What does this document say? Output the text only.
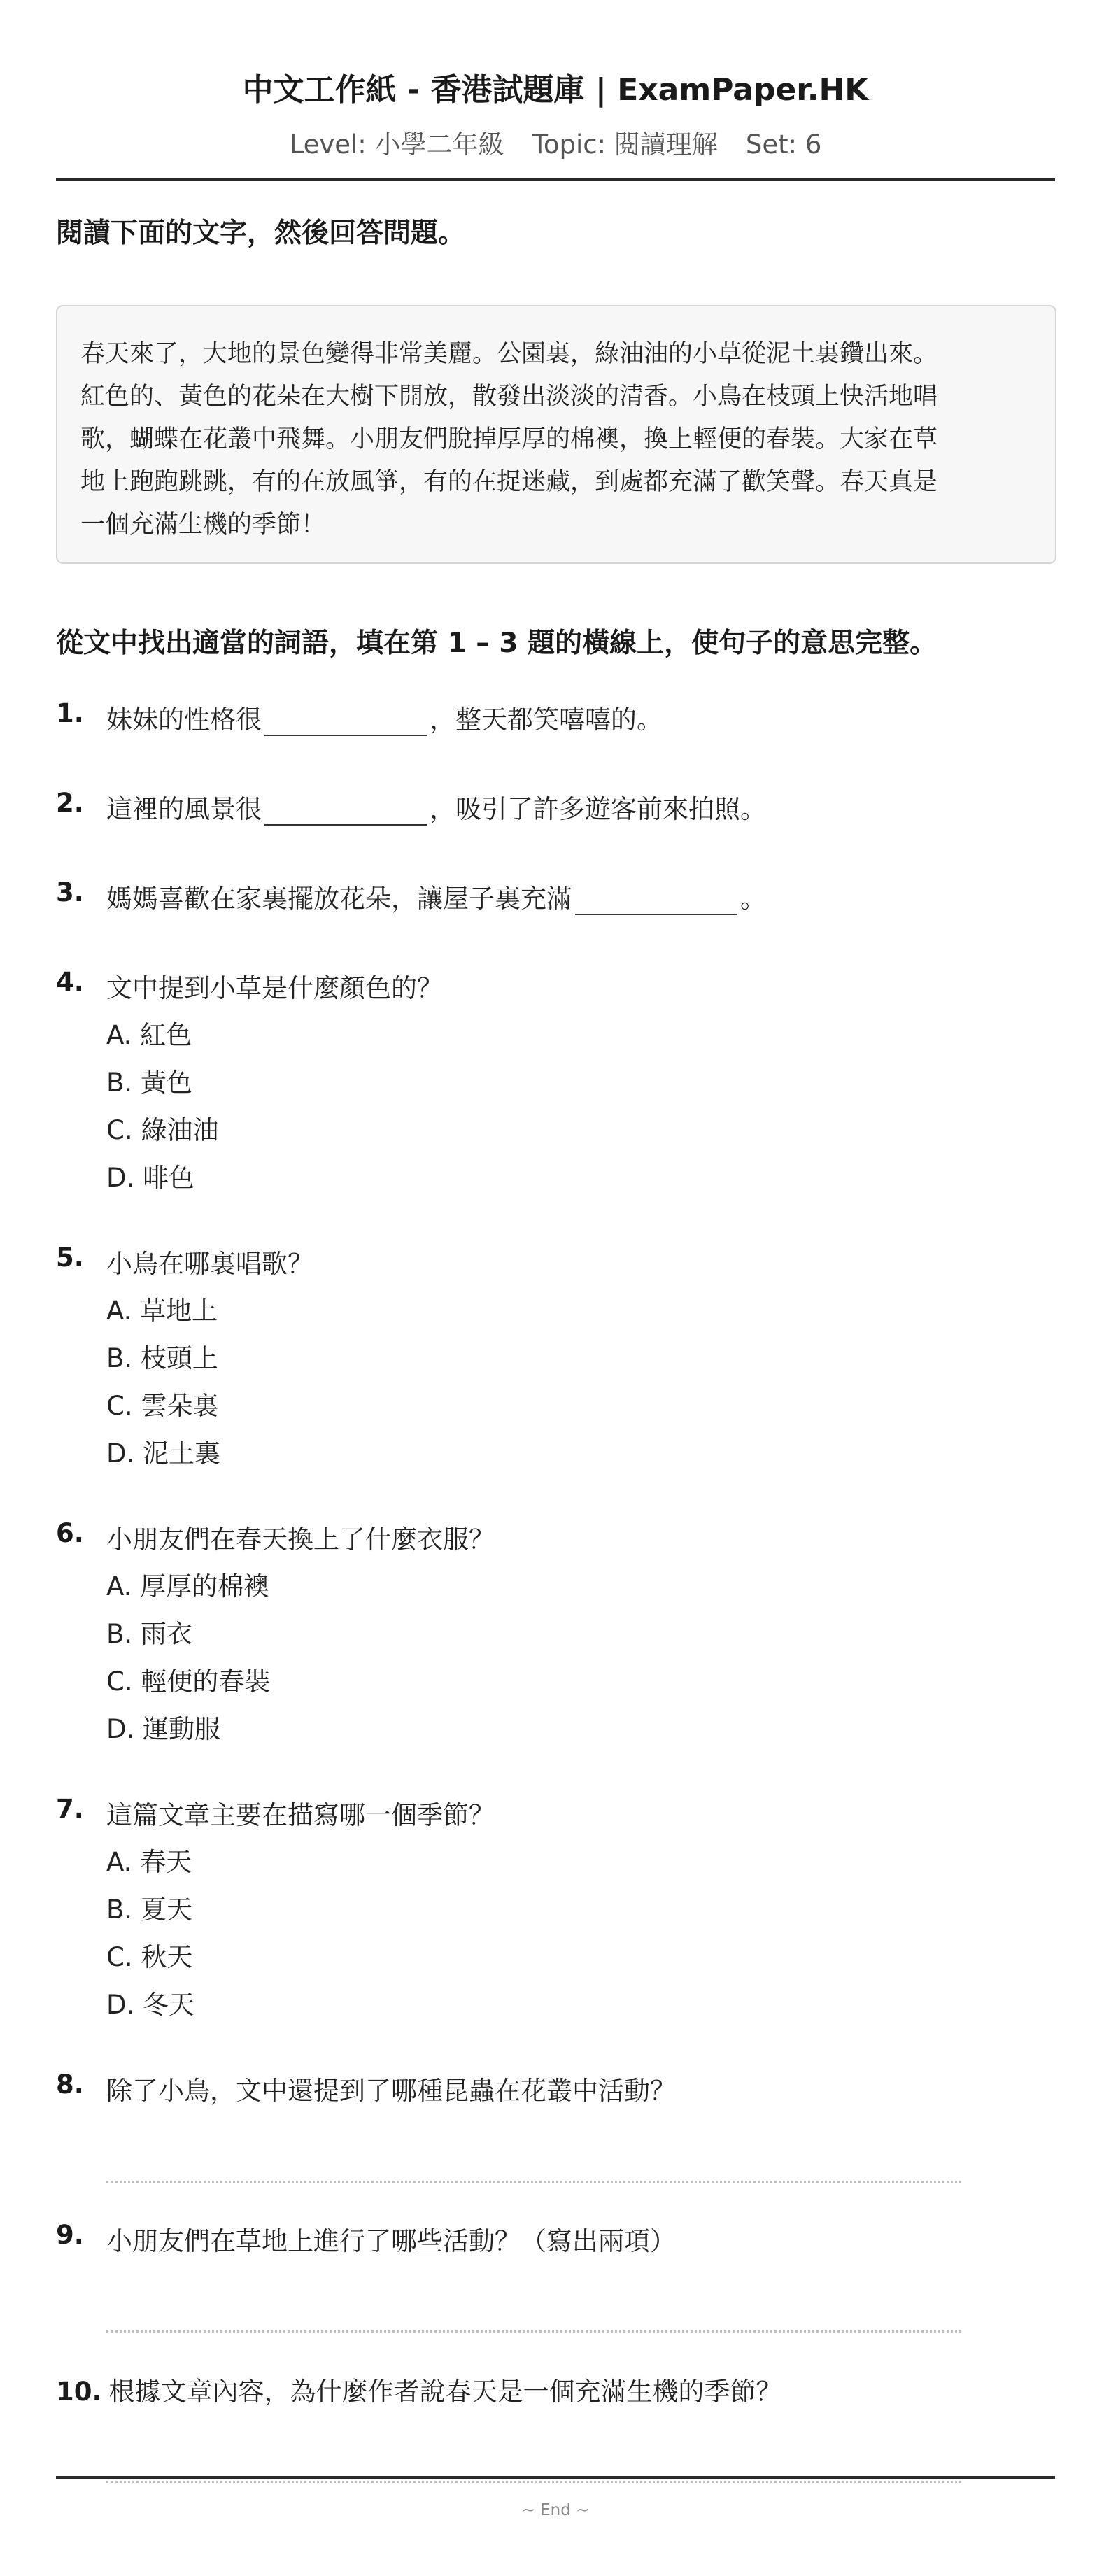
中文工作紙 - 香港試題庫 | ExamPaper.HK
Level: 小學二年級 Topic: 閱讀理解 Set: 6
閱讀下面的文字，然後回答問題。
春天來了，大地的景色變得非常美麗。公園裏，綠油油的小草從泥土裏鑽出來。
紅色的、黃色的花朵在大樹下開放，散發出淡淡的清香。小鳥在枝頭上快活地唱
歌，蝴蝶在花叢中飛舞。小朋友們脫掉厚厚的棉襖，換上輕便的春裝。大家在草
地上跑跑跳跳，有的在放風箏，有的在捉迷藏，到處都充滿了歡笑聲。春天真是
一個充滿生機的季節！
從文中找出適當的詞語，填在第 1 – 3 題的橫線上，使句子的意思完整。
1. 妹妹的性格很	，整天都笑嘻嘻的。
2. 這裡的風景很	，吸引了許多遊客前來拍照。
3. 媽媽喜歡在家裏擺放花朵，讓屋子裏充滿	。
4. 文中提到小草是什麼顏色的？
A. 紅色
B. 黃色
C. 綠油油
D. 啡色
5. 小鳥在哪裏唱歌？
A. 草地上
B. 枝頭上
C. 雲朵裏
D. 泥土裏
6. 小朋友們在春天換上了什麼衣服？
A. 厚厚的棉襖
B. 雨衣
C. 輕便的春裝
D. 運動服
7. 這篇文章主要在描寫哪一個季節？
A. 春天
B. 夏天
C. 秋天
D. 冬天
8. 除了小鳥，文中還提到了哪種昆蟲在花叢中活動？
9. 小朋友們在草地上進行了哪些活動？（寫出兩項）
10. 根據文章內容，為什麼作者說春天是一個充滿生機的季節？
~ End ~
